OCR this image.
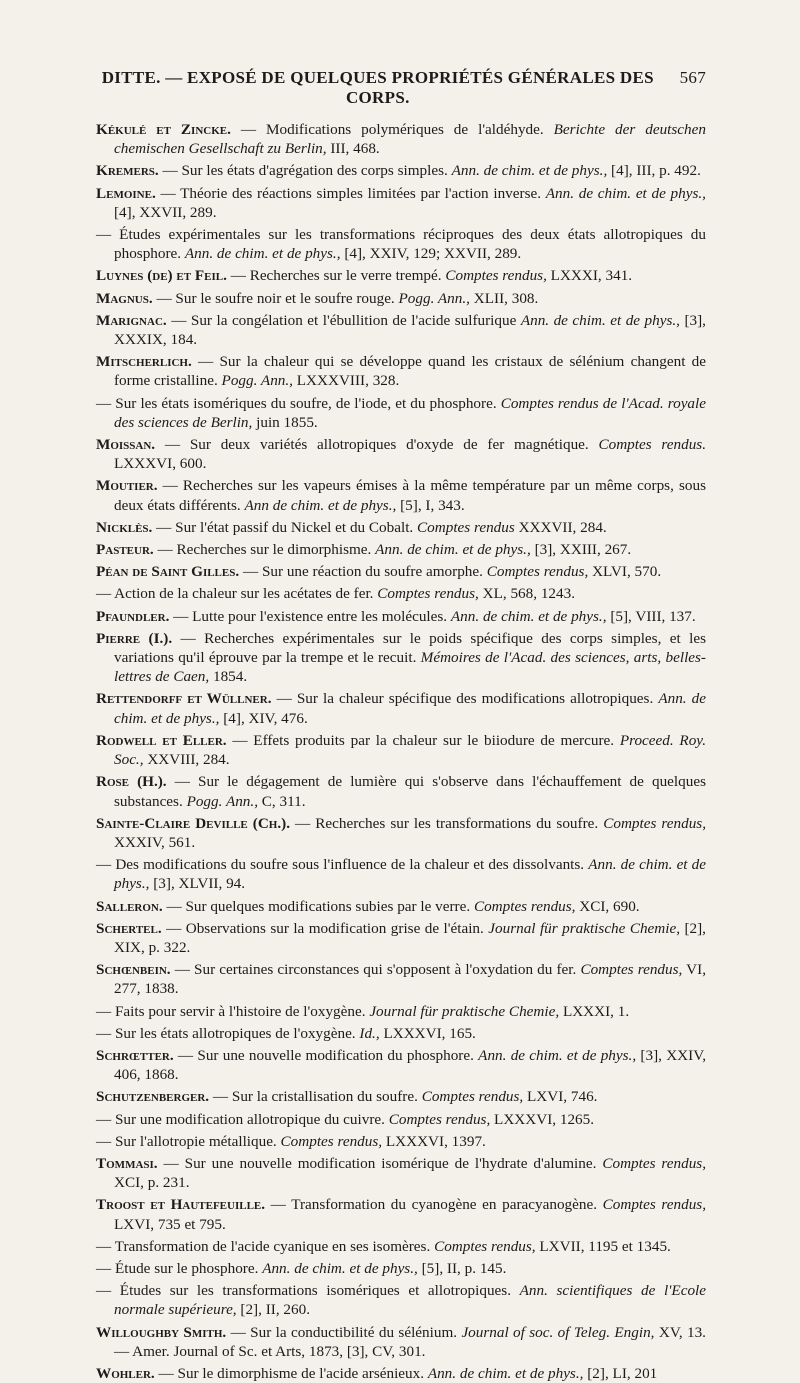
DITTE. — EXPOSÉ DE QUELQUES PROPRIÉTÉS GÉNÉRALES DES CORPS.
567

Kékulé et Zincke. — Modifications polymériques de l'aldéhyde. Berichte der deutschen chemischen Gesellschaft zu Berlin, III, 468.

Kremers. — Sur les états d'agrégation des corps simples. Ann. de chim. et de phys., [4], III, p. 492.

Lemoine. — Théorie des réactions simples limitées par l'action inverse. Ann. de chim. et de phys., [4], XXVII, 289.

— Études expérimentales sur les transformations réciproques des deux états allotropiques du phosphore. Ann. de chim. et de phys., [4], XXIV, 129; XXVII, 289.

Luynes (de) et Feil. — Recherches sur le verre trempé. Comptes rendus, LXXXI, 341.

Magnus. — Sur le soufre noir et le soufre rouge. Pogg. Ann., XLII, 308.

Marignac. — Sur la congélation et l'ébullition de l'acide sulfurique Ann. de chim. et de phys., [3], XXXIX, 184.

Mitscherlich. — Sur la chaleur qui se développe quand les cristaux de sélénium changent de forme cristalline. Pogg. Ann., LXXXVIII, 328.

— Sur les états isomériques du soufre, de l'iode, et du phosphore. Comptes rendus de l'Acad. royale des sciences de Berlin, juin 1855.

Moissan. — Sur deux variétés allotropiques d'oxyde de fer magnétique. Comptes rendus. LXXXVI, 600.

Moutier. — Recherches sur les vapeurs émises à la même température par un même corps, sous deux états différents. Ann de chim. et de phys., [5], I, 343.

Nicklès. — Sur l'état passif du Nickel et du Cobalt. Comptes rendus XXXVII, 284.

Pasteur. — Recherches sur le dimorphisme. Ann. de chim. et de phys., [3], XXIII, 267.

Péan de Saint Gilles. — Sur une réaction du soufre amorphe. Comptes rendus, XLVI, 570.

— Action de la chaleur sur les acétates de fer. Comptes rendus, XL, 568, 1243.

Pfaundler. — Lutte pour l'existence entre les molécules. Ann. de chim. et de phys., [5], VIII, 137.

Pierre (I.). — Recherches expérimentales sur le poids spécifique des corps simples, et les variations qu'il éprouve par la trempe et le recuit. Mémoires de l'Acad. des sciences, arts, belles-lettres de Caen, 1854.

Rettendorff et Wüllner. — Sur la chaleur spécifique des modifications allotropiques. Ann. de chim. et de phys., [4], XIV, 476.

Rodwell et Eller. — Effets produits par la chaleur sur le biiodure de mercure. Proceed. Roy. Soc., XXVIII, 284.

Rose (H.). — Sur le dégagement de lumière qui s'observe dans l'échauffement de quelques substances. Pogg. Ann., C, 311.

Sainte-Claire Deville (Ch.). — Recherches sur les transformations du soufre. Comptes rendus, XXXIV, 561.

— Des modifications du soufre sous l'influence de la chaleur et des dissolvants. Ann. de chim. et de phys., [3], XLVII, 94.

Salleron. — Sur quelques modifications subies par le verre. Comptes rendus, XCI, 690.

Schertel. — Observations sur la modification grise de l'étain. Journal für praktische Chemie, [2], XIX, p. 322.

Schœnbein. — Sur certaines circonstances qui s'opposent à l'oxydation du fer. Comptes rendus, VI, 277, 1838.

— Faits pour servir à l'histoire de l'oxygène. Journal für praktische Chemie, LXXXI, 1.

— Sur les états allotropiques de l'oxygène. Id., LXXXVI, 165.

Schrœtter. — Sur une nouvelle modification du phosphore. Ann. de chim. et de phys., [3], XXIV, 406, 1868.

Schutzenberger. — Sur la cristallisation du soufre. Comptes rendus, LXVI, 746.

— Sur une modification allotropique du cuivre. Comptes rendus, LXXXVI, 1265.

— Sur l'allotropie métallique. Comptes rendus, LXXXVI, 1397.

Tommasi. — Sur une nouvelle modification isomérique de l'hydrate d'alumine. Comptes rendus, XCI, p. 231.

Troost et Hautefeuille. — Transformation du cyanogène en paracyanogène. Comptes rendus, LXVI, 735 et 795.

— Transformation de l'acide cyanique en ses isomères. Comptes rendus, LXVII, 1195 et 1345.

— Étude sur le phosphore. Ann. de chim. et de phys., [5], II, p. 145.

— Études sur les transformations isomériques et allotropiques. Ann. scientifiques de l'Ecole normale supérieure, [2], II, 260.

Willoughby Smith. — Sur la conductibilité du sélénium. Journal of soc. of Teleg. Engin, XV, 13. — Amer. Journal of Sc. et Arts, 1873, [3], CV, 301.

Wohler. — Sur le dimorphisme de l'acide arsénieux. Ann. de chim. et de phys., [2], LI, 201
